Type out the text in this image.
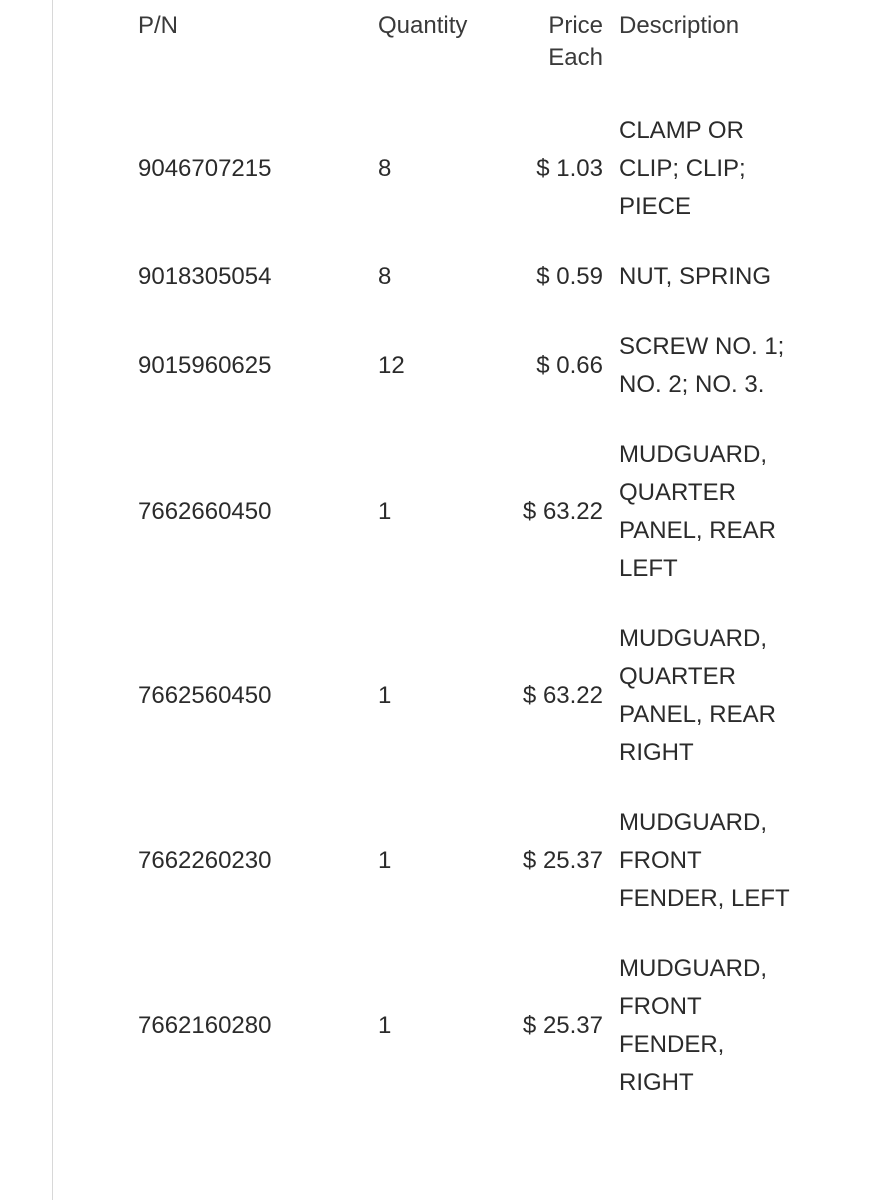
P/N	Quantity	Price Each	Description
9046707215	8	$ 1.03	CLAMP OR CLIP; CLIP; PIECE
9018305054	8	$ 0.59	NUT, SPRING
9015960625	12	$ 0.66	SCREW NO. 1; NO. 2; NO. 3.
7662660450	1	$ 63.22	MUDGUARD, QUARTER PANEL, REAR LEFT
7662560450	1	$ 63.22	MUDGUARD, QUARTER PANEL, REAR RIGHT
7662260230	1	$ 25.37	MUDGUARD, FRONT FENDER, LEFT
7662160280	1	$ 25.37	MUDGUARD, FRONT FENDER, RIGHT
